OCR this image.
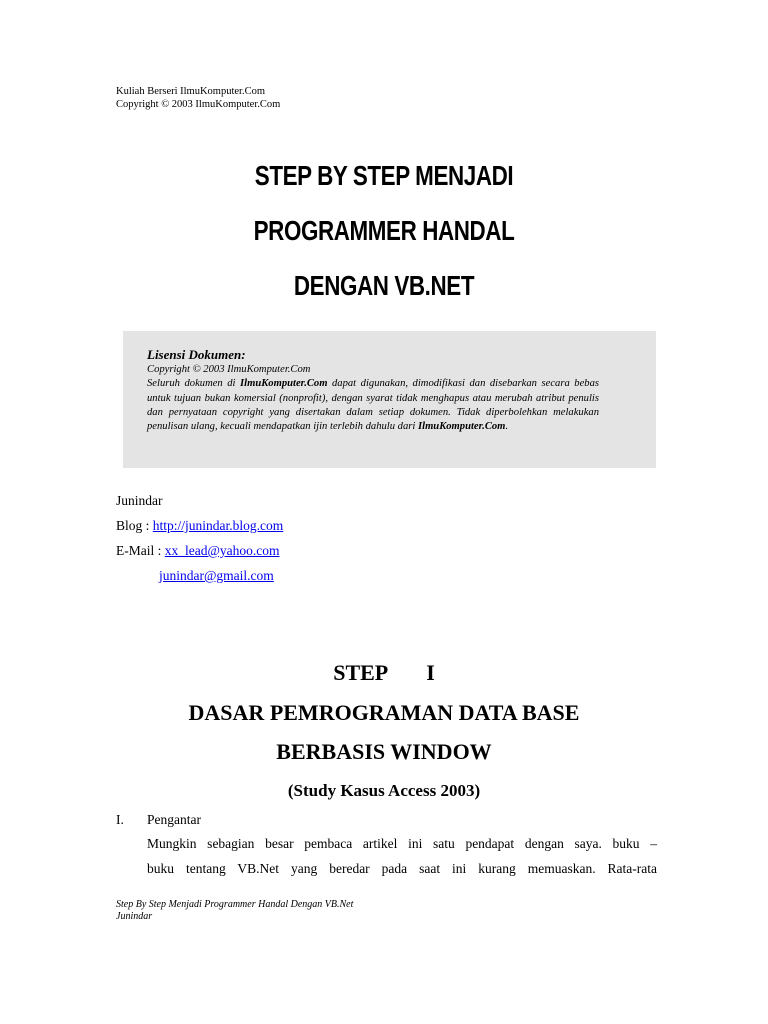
Kuliah Berseri IlmuKomputer.Com
Copyright © 2003 IlmuKomputer.Com
STEP BY STEP MENJADI
PROGRAMMER HANDAL
DENGAN VB.NET
Lisensi Dokumen:
Copyright © 2003 IlmuKomputer.Com
Seluruh dokumen di IlmuKomputer.Com dapat digunakan, dimodifikasi dan disebarkan secara bebas untuk tujuan bukan komersial (nonprofit), dengan syarat tidak menghapus atau merubah atribut penulis dan pernyataan copyright yang disertakan dalam setiap dokumen. Tidak diperbolehkan melakukan penulisan ulang, kecuali mendapatkan ijin terlebih dahulu dari IlmuKomputer.Com.
Junindar
Blog : http://junindar.blog.com
E-Mail : xx_lead@yahoo.com
junindar@gmail.com
STEP I
DASAR PEMROGRAMAN DATA BASE
BERBASIS WINDOW
(Study Kasus Access 2003)
I. Pengantar
Mungkin sebagian besar pembaca artikel ini satu pendapat dengan saya. buku –
buku tentang VB.Net yang beredar pada saat ini kurang memuaskan. Rata-rata
Step By Step Menjadi Programmer Handal Dengan VB.Net
Junindar
